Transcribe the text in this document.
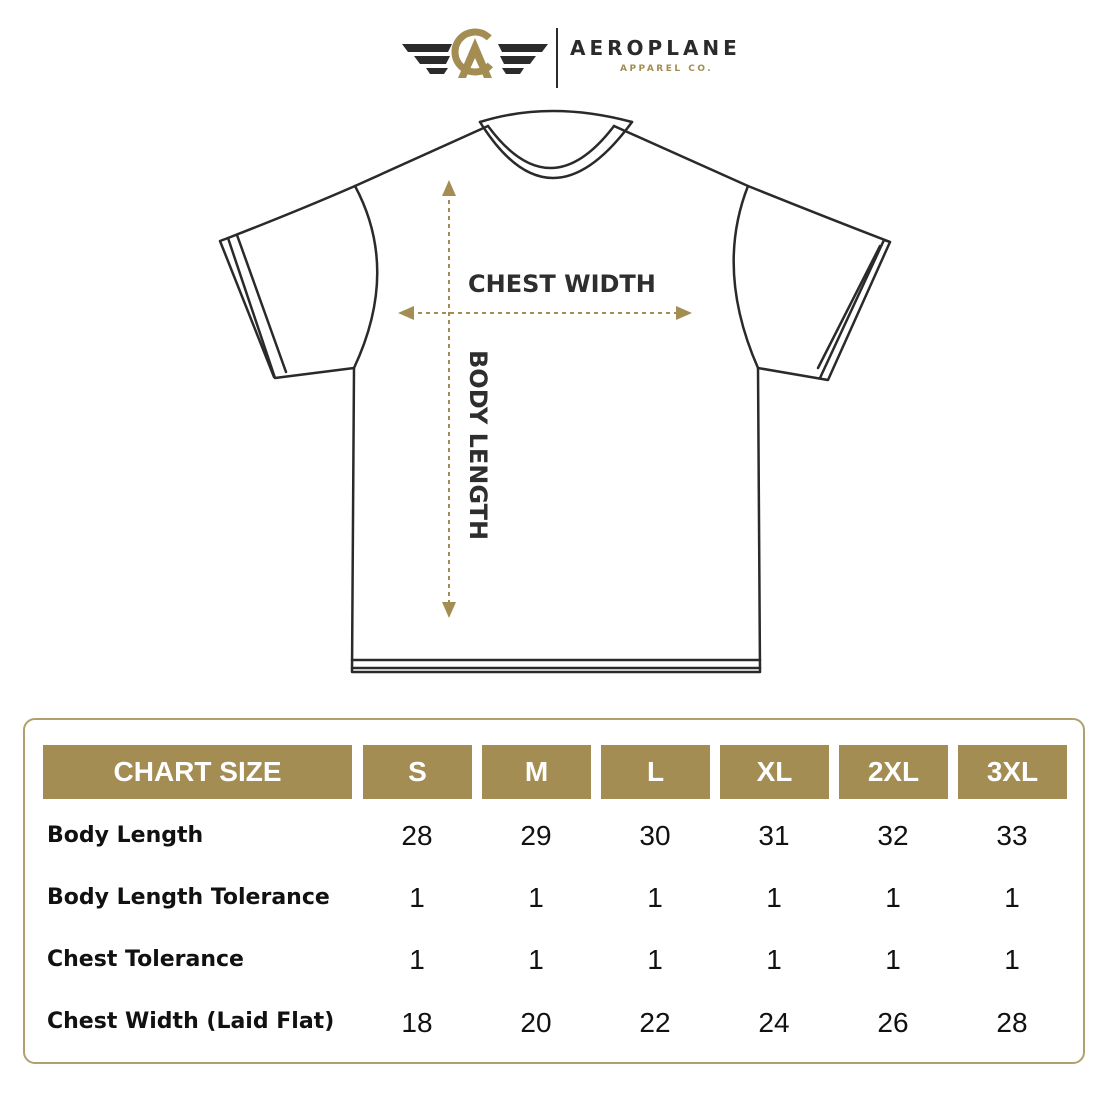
AEROPLANE
APPAREL CO.
CHEST WIDTH
BODY LENGTH
CHART SIZE	S	M	L	XL	2XL	3XL
Body Length	28	29	30	31	32	33
Body Length Tolerance	1	1	1	1	1	1
Chest Tolerance	1	1	1	1	1	1
Chest Width (Laid Flat)	18	20	22	24	26	28
